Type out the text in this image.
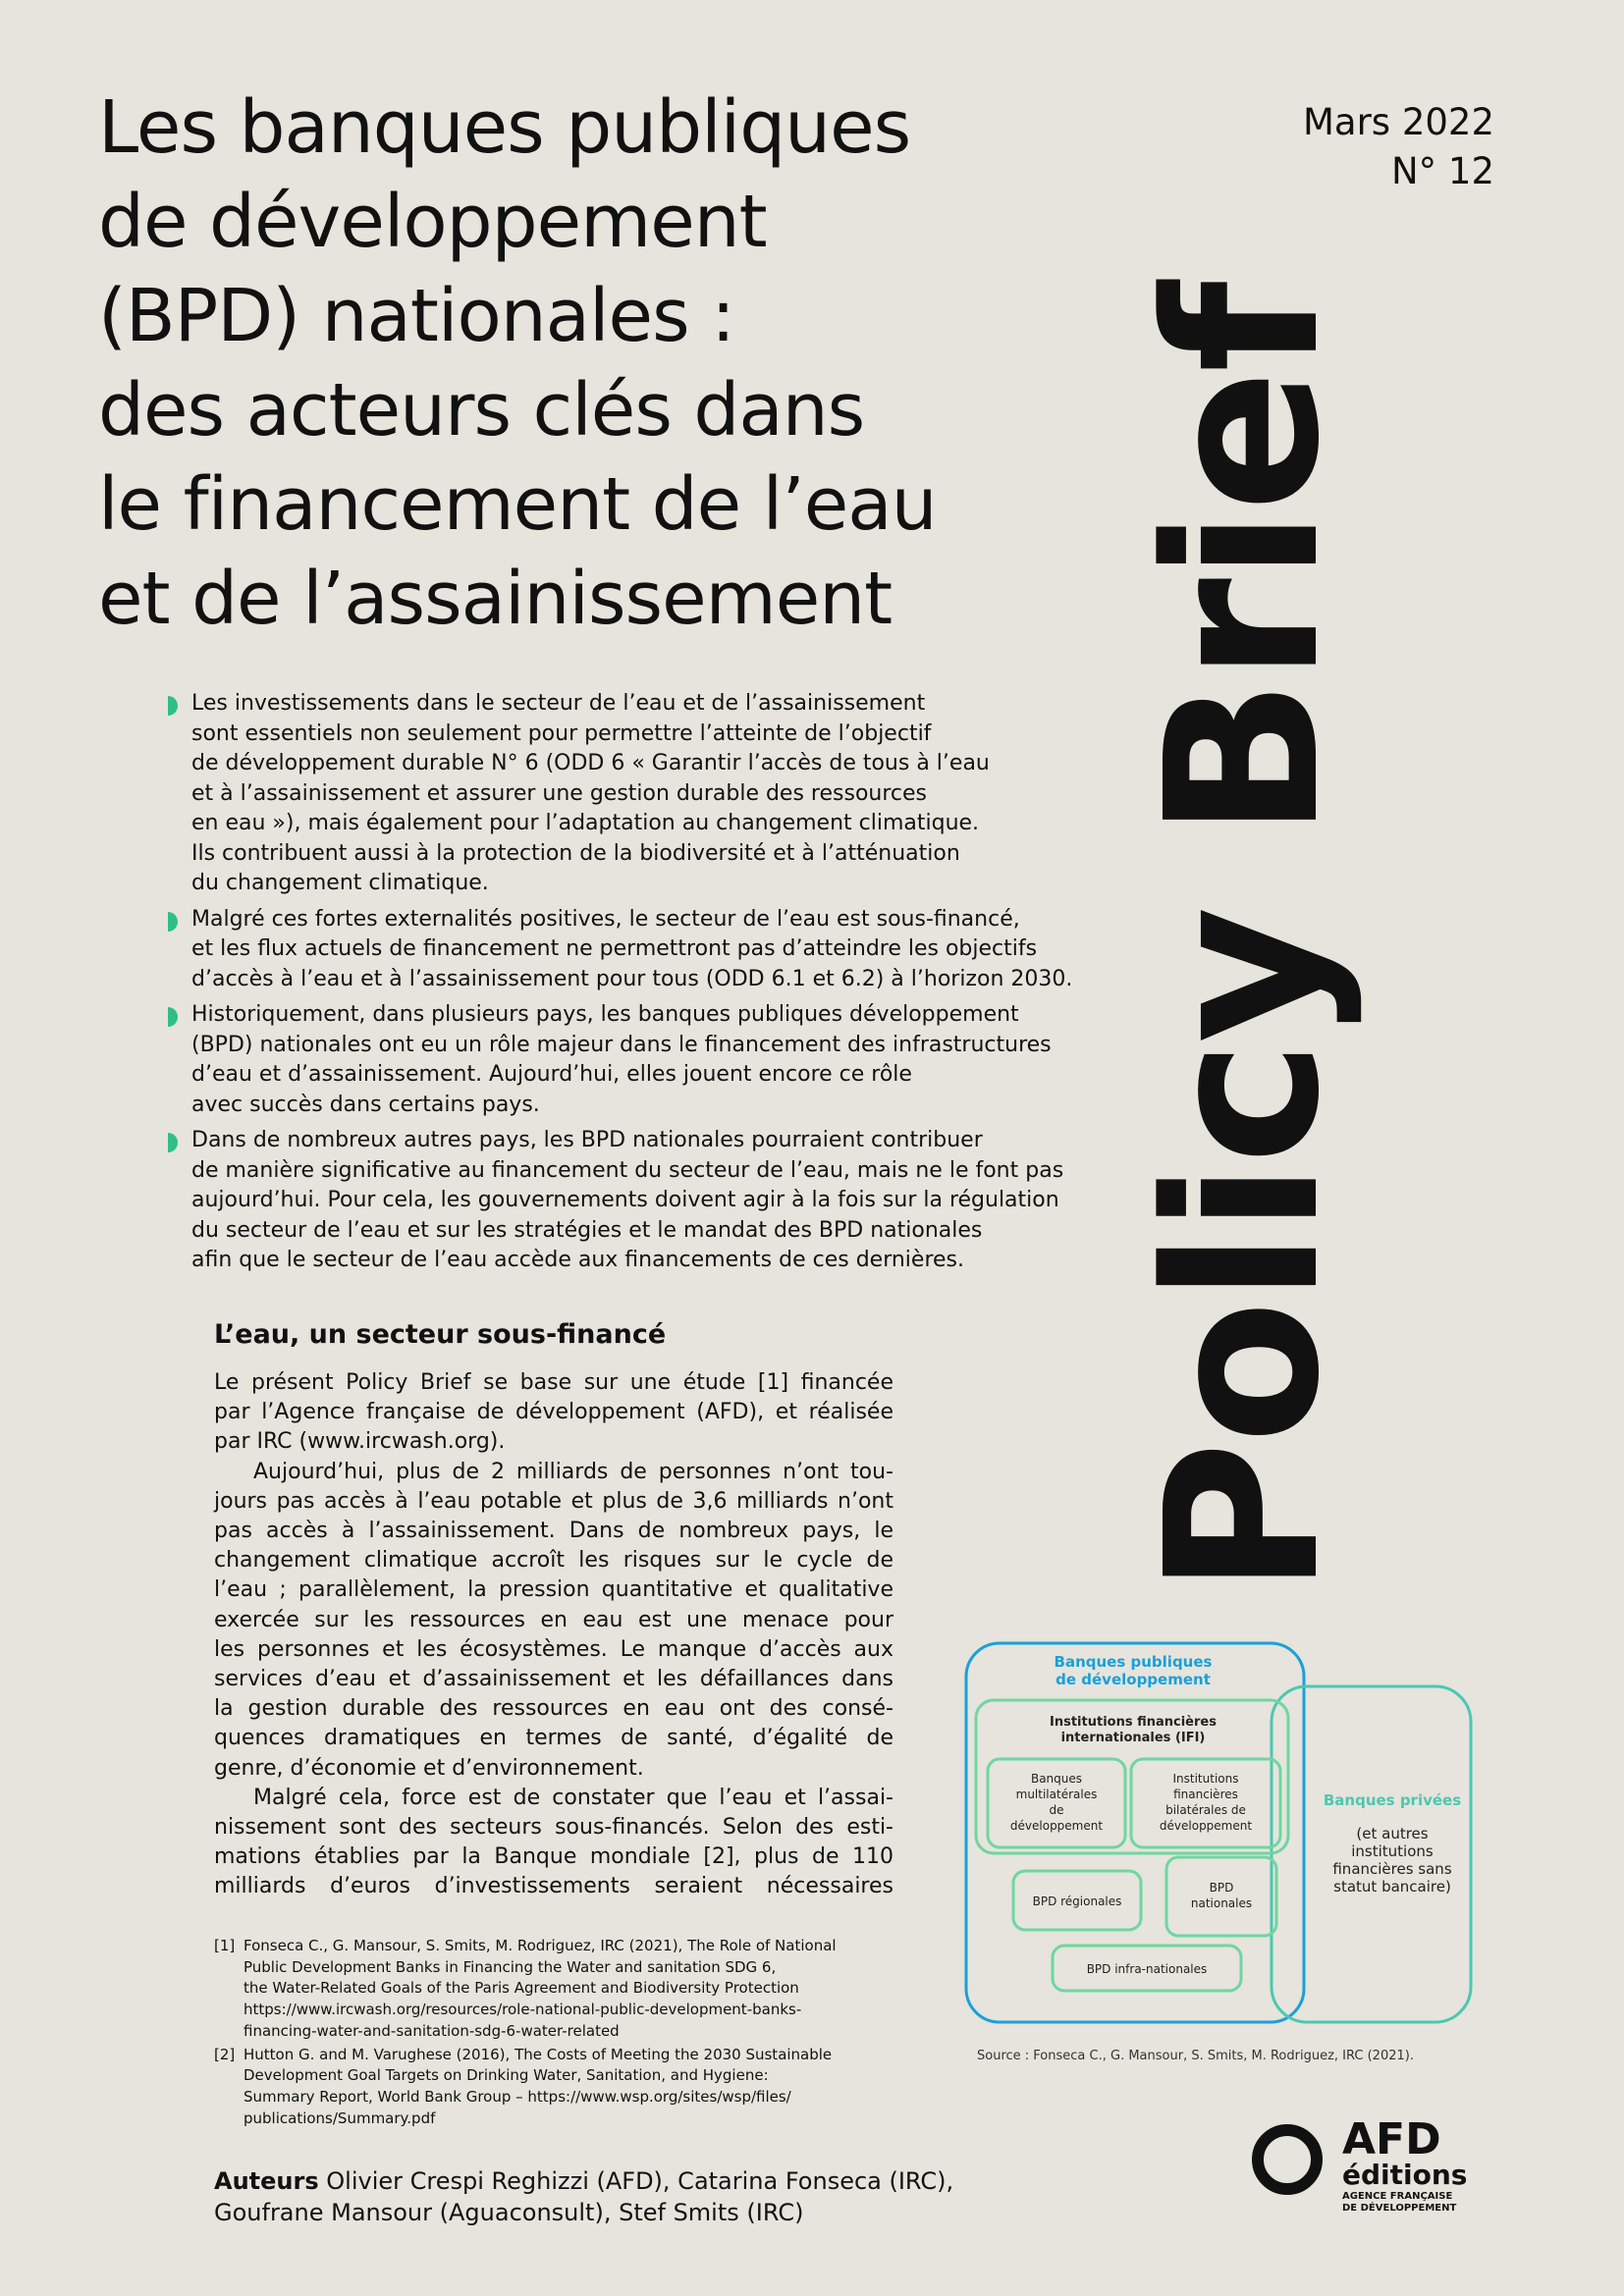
Les banques publiques
de développement
(BPD) nationales :
des acteurs clés dans
le financement de l’eau
et de l’assainissement
Mars 2022
N° 12
Policy Brief
Les investissements dans le secteur de l’eau et de l’assainissement
sont essentiels non seulement pour permettre l’atteinte de l’objectif
de développement durable N° 6 (ODD 6 « Garantir l’accès de tous à l’eau
et à l’assainissement et assurer une gestion durable des ressources
en eau »), mais également pour l’adaptation au changement climatique.
Ils contribuent aussi à la protection de la biodiversité et à l’atténuation
du changement climatique.
Malgré ces fortes externalités positives, le secteur de l’eau est sous-financé,
et les flux actuels de financement ne permettront pas d’atteindre les objectifs
d’accès à l’eau et à l’assainissement pour tous (ODD 6.1 et 6.2) à l’horizon 2030.
Historiquement, dans plusieurs pays, les banques publiques développement
(BPD) nationales ont eu un rôle majeur dans le financement des infrastructures
d’eau et d’assainissement. Aujourd’hui, elles jouent encore ce rôle
avec succès dans certains pays.
Dans de nombreux autres pays, les BPD nationales pourraient contribuer
de manière significative au financement du secteur de l’eau, mais ne le font pas
aujourd’hui. Pour cela, les gouvernements doivent agir à la fois sur la régulation
du secteur de l’eau et sur les stratégies et le mandat des BPD nationales
afin que le secteur de l’eau accède aux financements de ces dernières.
L’eau, un secteur sous-financé
Le présent Policy Brief se base sur une étude [1] financée
par l’Agence française de développement (AFD), et réalisée
par IRC (www.ircwash.org).
Aujourd’hui, plus de 2 milliards de personnes n’ont tou-
jours pas accès à l’eau potable et plus de 3,6 milliards n’ont
pas accès à l’assainissement. Dans de nombreux pays, le
changement climatique accroît les risques sur le cycle de
l’eau ; parallèlement, la pression quantitative et qualitative
exercée sur les ressources en eau est une menace pour
les personnes et les écosystèmes. Le manque d’accès aux
services d’eau et d’assainissement et les défaillances dans
la gestion durable des ressources en eau ont des consé-
quences dramatiques en termes de santé, d’égalité de
genre, d’économie et d’environnement.
Malgré cela, force est de constater que l’eau et l’assai-
nissement sont des secteurs sous-financés. Selon des esti-
mations établies par la Banque mondiale [2], plus de 110
milliards d’euros d’investissements seraient nécessaires
[1] Fonseca C., G. Mansour, S. Smits, M. Rodriguez, IRC (2021), The Role of National
Public Development Banks in Financing the Water and sanitation SDG 6,
the Water-Related Goals of the Paris Agreement and Biodiversity Protection
https://www.ircwash.org/resources/role-national-public-development-banks-
financing-water-and-sanitation-sdg-6-water-related
[2] Hutton G. and M. Varughese (2016), The Costs of Meeting the 2030 Sustainable
Development Goal Targets on Drinking Water, Sanitation, and Hygiene:
Summary Report, World Bank Group – https://www.wsp.org/sites/wsp/files/
publications/Summary.pdf
Auteurs Olivier Crespi Reghizzi (AFD), Catarina Fonseca (IRC),
Goufrane Mansour (Aguaconsult), Stef Smits (IRC)
Banques publiques de développement
Institutions financières internationales (IFI)
Banques multilatérales de développement
Institutions financières bilatérales de développement
BPD régionales
BPD nationales
BPD infra-nationales
Banques privées
(et autres institutions financières sans statut bancaire)
Source : Fonseca C., G. Mansour, S. Smits, M. Rodriguez, IRC (2021).
AFD
éditions
AGENCE FRANÇAISE
DE DÉVELOPPEMENT
